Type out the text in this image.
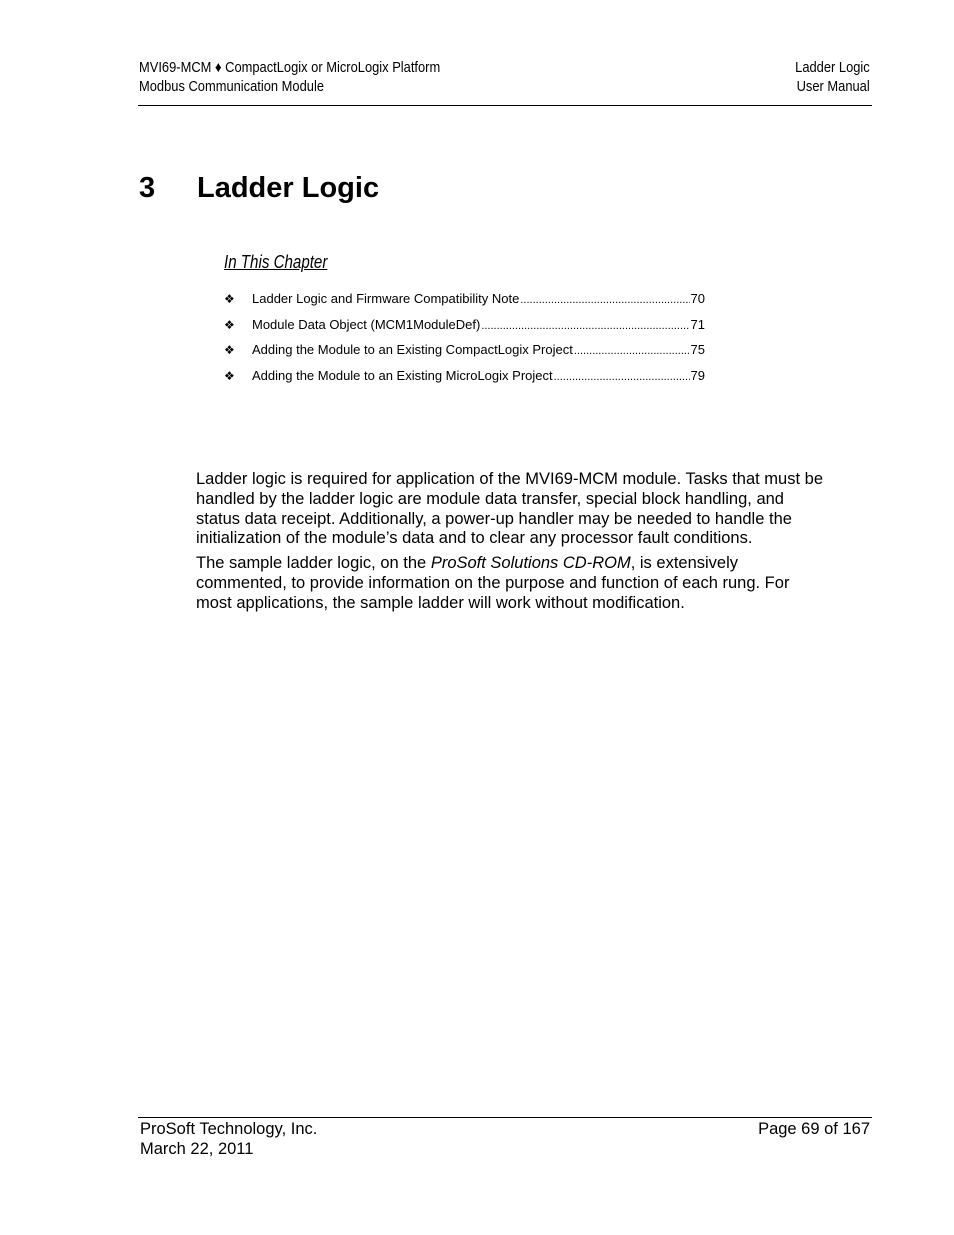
MVI69-MCM ♦ CompactLogix or MicroLogix Platform
Modbus Communication Module
Ladder Logic
User Manual
3 Ladder Logic
In This Chapter
❖	Ladder Logic and Firmware Compatibility Note .....	70
❖	Module Data Object (MCM1ModuleDef) .....	71
❖	Adding the Module to an Existing CompactLogix Project .....	75
❖	Adding the Module to an Existing MicroLogix Project .....	79

Ladder logic is required for application of the MVI69-MCM module. Tasks that must be handled by the ladder logic are module data transfer, special block handling, and status data receipt. Additionally, a power-up handler may be needed to handle the initialization of the module’s data and to clear any processor fault conditions.

The sample ladder logic, on the ProSoft Solutions CD-ROM, is extensively commented, to provide information on the purpose and function of each rung. For most applications, the sample ladder will work without modification.

ProSoft Technology, Inc.
March 22, 2011
Page 69 of 167
